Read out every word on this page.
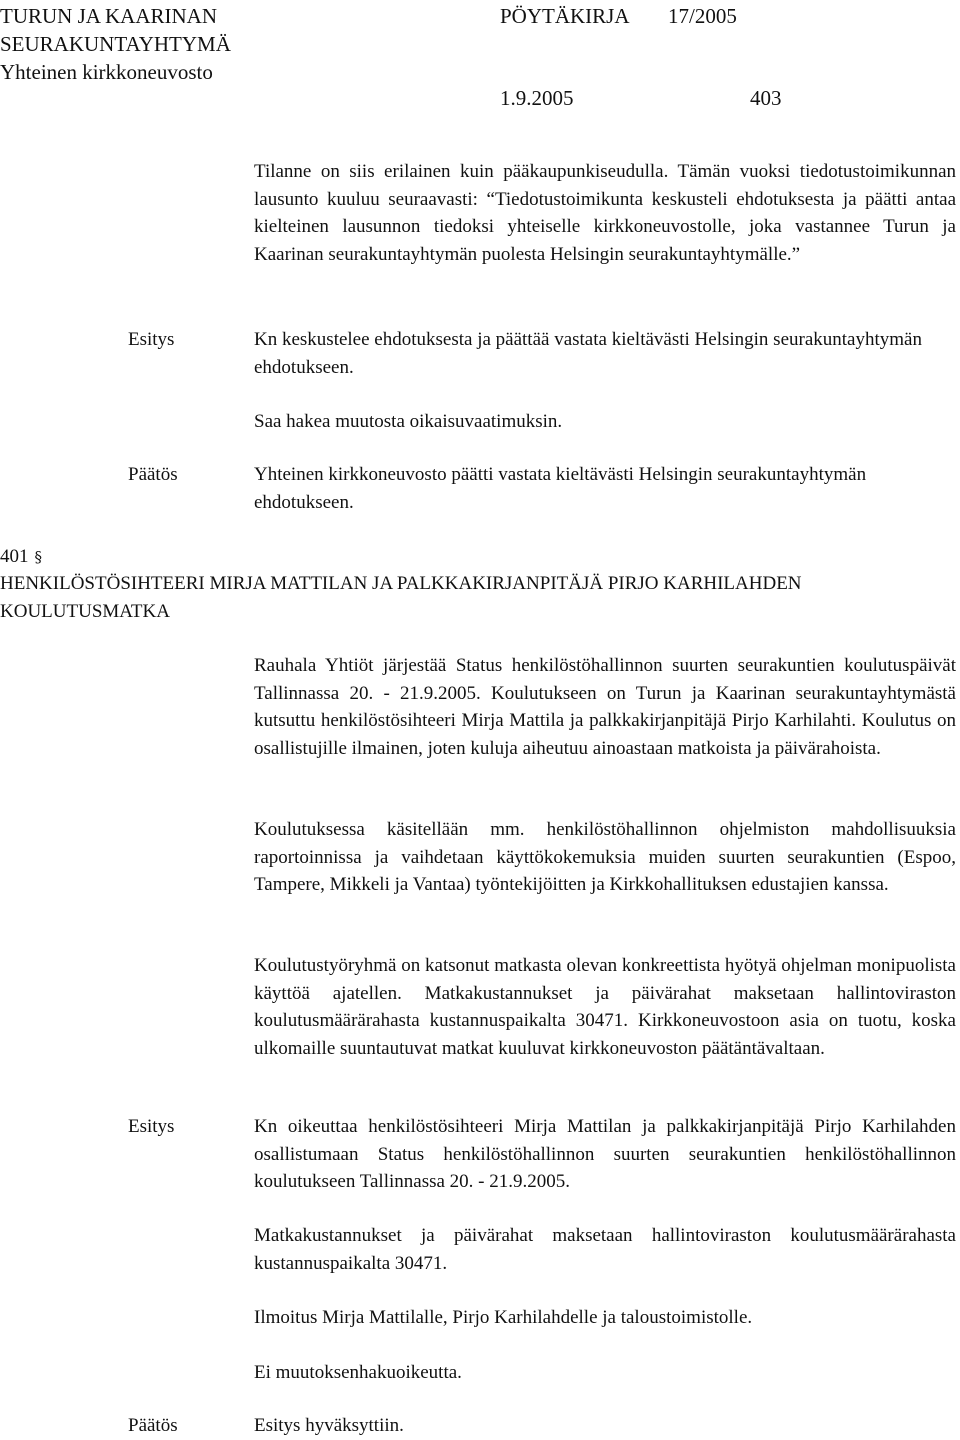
TURUN JA KAARINAN
SEURAKUNTAYHTYMÄ
Yhteinen kirkkoneuvosto
PÖYTÄKIRJA 17/2005
1.9.2005	403
Tilanne on siis erilainen kuin pääkaupunkiseudulla. Tämän vuoksi tiedotustoimikunnan lausunto kuuluu seuraavasti: “Tiedotustoimikunta keskusteli ehdotuksesta ja päätti antaa kielteinen lausunnon tiedoksi yhteiselle kirkkoneuvostolle, joka vastannee Turun ja Kaarinan seurakuntayhtymän puolesta Helsingin seurakuntayhtymälle.”
Esitys	Kn keskustelee ehdotuksesta ja päättää vastata kieltävästi Helsingin seurakuntayhtymän ehdotukseen.
Saa hakea muutosta oikaisuvaatimuksin.
Päätös	Yhteinen kirkkoneuvosto päätti vastata kieltävästi Helsingin seurakuntayhtymän ehdotukseen.
401 §
HENKILÖSTÖSIHTEERI MIRJA MATTILAN JA PALKKAKIRJANPITÄJÄ PIRJO KARHILAHDEN KOULUTUSMATKA
Rauhala Yhtiöt järjestää Status henkilöstöhallinnon suurten seurakuntien koulutuspäivät Tallinnassa 20. - 21.9.2005. Koulutukseen on Turun ja Kaarinan seurakuntayhtymästä kutsuttu henkilöstösihteeri Mirja Mattila ja palkkakirjanpitäjä Pirjo Karhilahti. Koulutus on osallistujille ilmainen, joten kuluja aiheutuu ainoastaan matkoista ja päivärahoista.
Koulutuksessa käsitellään mm. henkilöstöhallinnon ohjelmiston mahdollisuuksia raportoinnissa ja vaihdetaan käyttökokemuksia muiden suurten seurakuntien (Espoo, Tampere, Mikkeli ja Vantaa) työntekijöitten ja Kirkkohallituksen edustajien kanssa.
Koulutustyöryhmä on katsonut matkasta olevan konkreettista hyötyä ohjelman monipuolista käyttöä ajatellen. Matkakustannukset ja päivärahat maksetaan hallintoviraston koulutusmäärärahasta kustannuspaikalta 30471. Kirkkoneuvostoon asia on tuotu, koska ulkomaille suuntautuvat matkat kuuluvat kirkkoneuvoston päätäntävaltaan.
Esitys	Kn oikeuttaa henkilöstösihteeri Mirja Mattilan ja palkkakirjanpitäjä Pirjo Karhilahden osallistumaan Status henkilöstöhallinnon suurten seurakuntien henkilöstöhallinnon koulutukseen Tallinnassa 20. - 21.9.2005.
Matkakustannukset ja päivärahat maksetaan hallintoviraston koulutusmäärärahasta kustannuspaikalta 30471.
Ilmoitus Mirja Mattilalle, Pirjo Karhilahdelle ja taloustoimistolle.
Ei muutoksenhakuoikeutta.
Päätös	Esitys hyväksyttiin.
